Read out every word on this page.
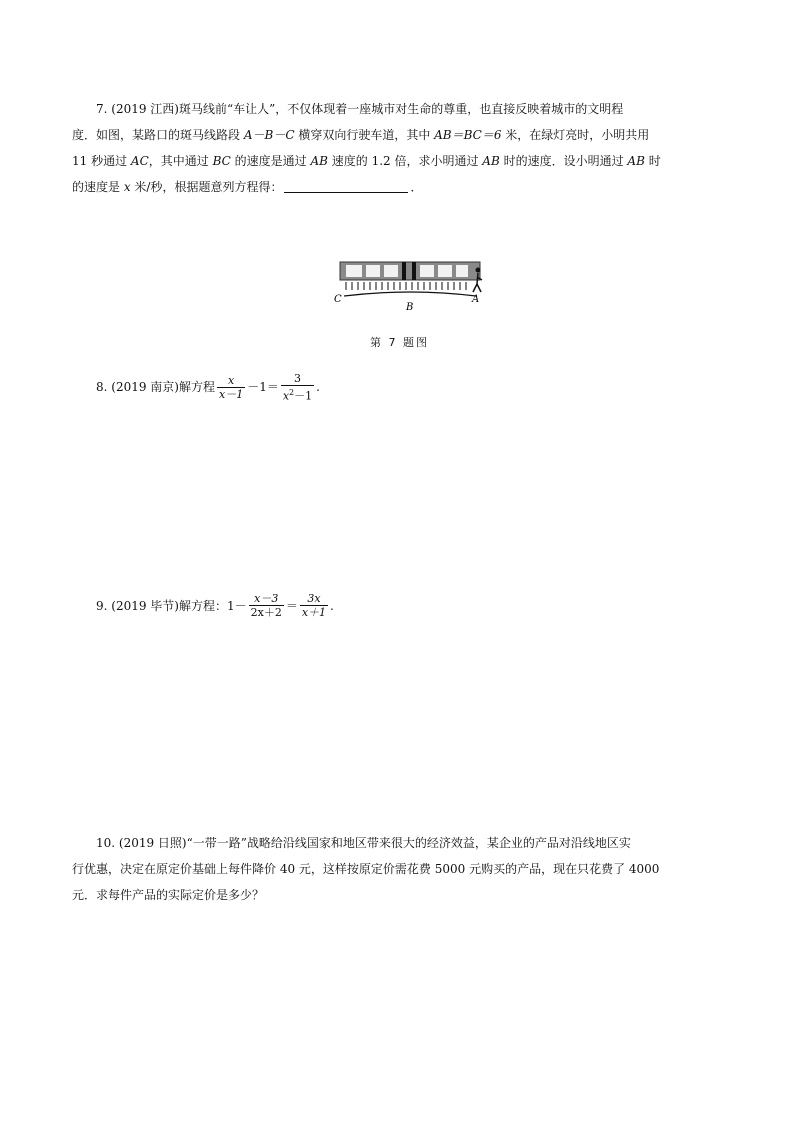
7. (2019 江西)斑马线前“车让人”，不仅体现着一座城市对生命的尊重，也直接反映着城市的文明程
度．如图，某路口的斑马线路段 A－B－C 横穿双向行驶车道，其中 AB＝BC＝6 米，在绿灯亮时，小明共用
11 秒通过 AC，其中通过 BC 的速度是通过 AB 速度的 1.2 倍，求小明通过 AB 时的速度．设小明通过 AB 时
的速度是 x 米/秒，根据题意列方程得：	．
C
B
A
第 7 题图
8. (2019 南京)解方程 $\frac{x}{x-1} -1= \frac{3}{x^2-1}$ .
9. (2019 毕节)解方程：$1- \frac{x-3}{2x+2} = \frac{3x}{x+1}$ .
10. (2019 日照)“一带一路”战略给沿线国家和地区带来很大的经济效益，某企业的产品对沿线地区实
行优惠，决定在原定价基础上每件降价 40 元，这样按原定价需花费 5000 元购买的产品，现在只花费了 4000
元．求每件产品的实际定价是多少？
